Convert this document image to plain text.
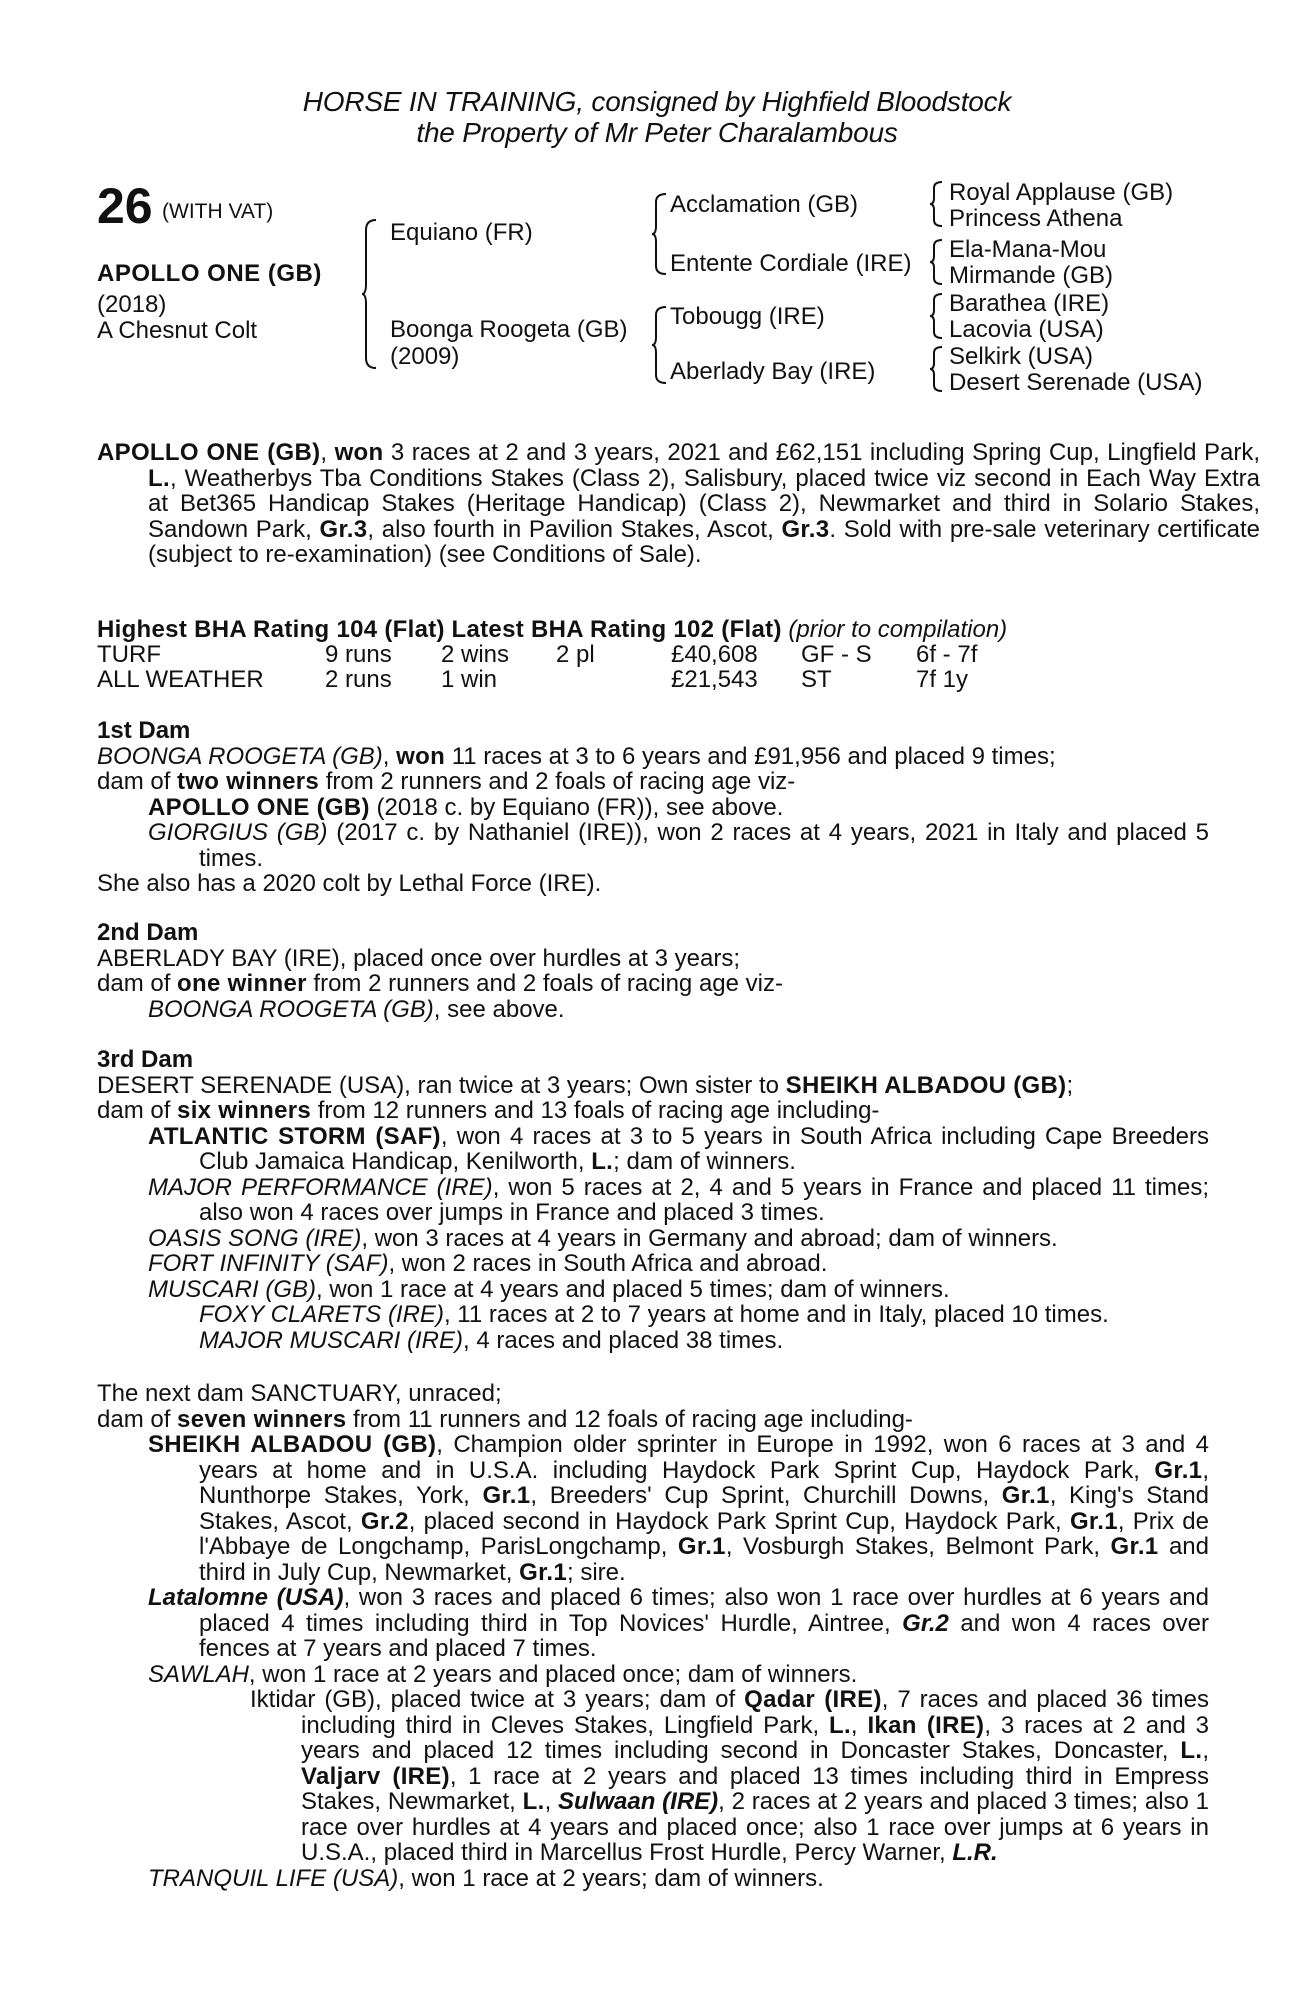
HORSE IN TRAINING, consigned by Highfield Bloodstock
the Property of Mr Peter Charalambous
26 (WITH VAT)
APOLLO ONE (GB)
(2018)
A Chesnut Colt
Equiano (FR)
Boonga Roogeta (GB)
(2009)
Acclamation (GB)
Entente Cordiale (IRE)
Tobougg (IRE)
Aberlady Bay (IRE)
Royal Applause (GB)
Princess Athena
Ela-Mana-Mou
Mirmande (GB)
Barathea (IRE)
Lacovia (USA)
Selkirk (USA)
Desert Serenade (USA)
APOLLO ONE (GB), won 3 races at 2 and 3 years, 2021 and £62,151 including Spring Cup, Lingfield Park, L., Weatherbys Tba Conditions Stakes (Class 2), Salisbury, placed twice viz second in Each Way Extra at Bet365 Handicap Stakes (Heritage Handicap) (Class 2), Newmarket and third in Solario Stakes, Sandown Park, Gr.3, also fourth in Pavilion Stakes, Ascot, Gr.3. Sold with pre-sale veterinary certificate (subject to re-examination) (see Conditions of Sale).
Highest BHA Rating 104 (Flat) Latest BHA Rating 102 (Flat) (prior to compilation)
TURF	9 runs 2 wins 2 pl	£40,608 GF - S 6f - 7f
ALL WEATHER	2 runs 1 win	£21,543 ST	7f 1y

1st Dam

BOONGA ROOGETA (GB), won 11 races at 3 to 6 years and £91,956 and placed 9 times;

dam of two winners from 2 runners and 2 foals of racing age viz-

APOLLO ONE (GB) (2018 c. by Equiano (FR)), see above.

GIORGIUS (GB) (2017 c. by Nathaniel (IRE)), won 2 races at 4 years, 2021 in Italy and placed 5 times.

She also has a 2020 colt by Lethal Force (IRE).

2nd Dam

ABERLADY BAY (IRE), placed once over hurdles at 3 years;

dam of one winner from 2 runners and 2 foals of racing age viz-

BOONGA ROOGETA (GB), see above.

3rd Dam

DESERT SERENADE (USA), ran twice at 3 years; Own sister to SHEIKH ALBADOU (GB);

dam of six winners from 12 runners and 13 foals of racing age including-

ATLANTIC STORM (SAF), won 4 races at 3 to 5 years in South Africa including Cape Breeders Club Jamaica Handicap, Kenilworth, L.; dam of winners.

MAJOR PERFORMANCE (IRE), won 5 races at 2, 4 and 5 years in France and placed 11 times; also won 4 races over jumps in France and placed 3 times.

OASIS SONG (IRE), won 3 races at 4 years in Germany and abroad; dam of winners.

FORT INFINITY (SAF), won 2 races in South Africa and abroad.

MUSCARI (GB), won 1 race at 4 years and placed 5 times; dam of winners.

FOXY CLARETS (IRE), 11 races at 2 to 7 years at home and in Italy, placed 10 times.

MAJOR MUSCARI (IRE), 4 races and placed 38 times.

The next dam SANCTUARY, unraced;

dam of seven winners from 11 runners and 12 foals of racing age including-

SHEIKH ALBADOU (GB), Champion older sprinter in Europe in 1992, won 6 races at 3 and 4 years at home and in U.S.A. including Haydock Park Sprint Cup, Haydock Park, Gr.1, Nunthorpe Stakes, York, Gr.1, Breeders' Cup Sprint, Churchill Downs, Gr.1, King's Stand Stakes, Ascot, Gr.2, placed second in Haydock Park Sprint Cup, Haydock Park, Gr.1, Prix de l'Abbaye de Longchamp, ParisLongchamp, Gr.1, Vosburgh Stakes, Belmont Park, Gr.1 and third in July Cup, Newmarket, Gr.1; sire.

Latalomne (USA), won 3 races and placed 6 times; also won 1 race over hurdles at 6 years and placed 4 times including third in Top Novices' Hurdle, Aintree, Gr.2 and won 4 races over fences at 7 years and placed 7 times.

SAWLAH, won 1 race at 2 years and placed once; dam of winners.

Iktidar (GB), placed twice at 3 years; dam of Qadar (IRE), 7 races and placed 36 times including third in Cleves Stakes, Lingfield Park, L., Ikan (IRE), 3 races at 2 and 3 years and placed 12 times including second in Doncaster Stakes, Doncaster, L., Valjarv (IRE), 1 race at 2 years and placed 13 times including third in Empress Stakes, Newmarket, L., Sulwaan (IRE), 2 races at 2 years and placed 3 times; also 1 race over hurdles at 4 years and placed once; also 1 race over jumps at 6 years in U.S.A., placed third in Marcellus Frost Hurdle, Percy Warner, L.R.

TRANQUIL LIFE (USA), won 1 race at 2 years; dam of winners.
